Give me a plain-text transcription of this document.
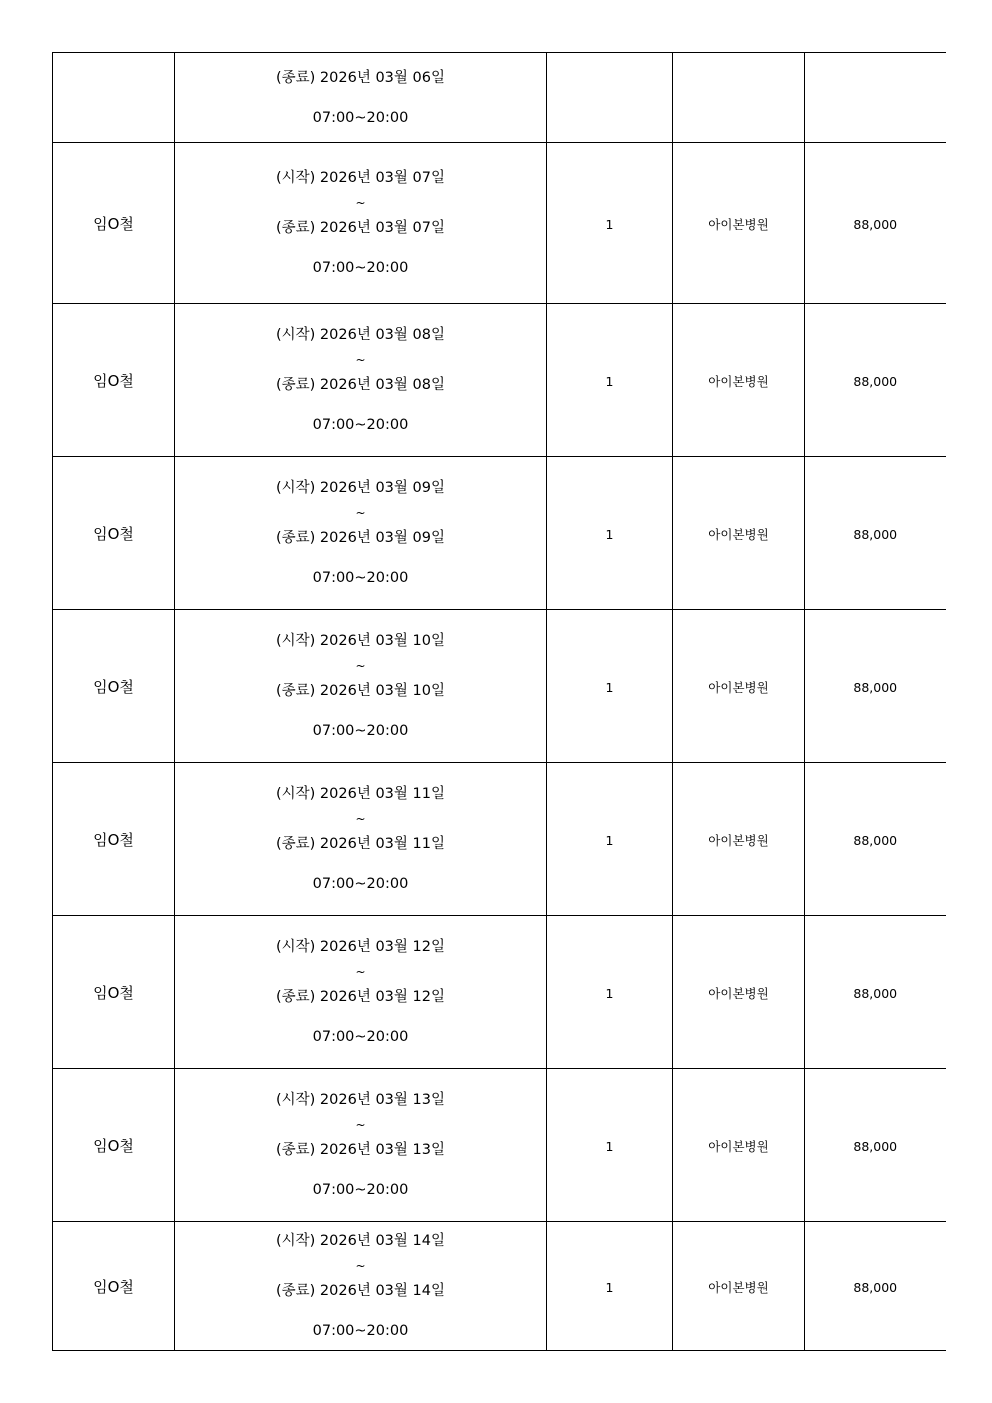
	(종료) 2026년 03월 06일
07:00~20:00			

임O철	(시작) 2026년 03월 07일
~
(종료) 2026년 03월 07일
07:00~20:00	1	아이본병원	88,000
임O철	(시작) 2026년 03월 08일
~
(종료) 2026년 03월 08일
07:00~20:00	1	아이본병원	88,000
임O철	(시작) 2026년 03월 09일
~
(종료) 2026년 03월 09일
07:00~20:00	1	아이본병원	88,000
임O철	(시작) 2026년 03월 10일
~
(종료) 2026년 03월 10일
07:00~20:00	1	아이본병원	88,000
임O철	(시작) 2026년 03월 11일
~
(종료) 2026년 03월 11일
07:00~20:00	1	아이본병원	88,000
임O철	(시작) 2026년 03월 12일
~
(종료) 2026년 03월 12일
07:00~20:00	1	아이본병원	88,000
임O철	(시작) 2026년 03월 13일
~
(종료) 2026년 03월 13일
07:00~20:00	1	아이본병원	88,000
임O철	(시작) 2026년 03월 14일
~
(종료) 2026년 03월 14일
07:00~20:00	1	아이본병원	88,000
